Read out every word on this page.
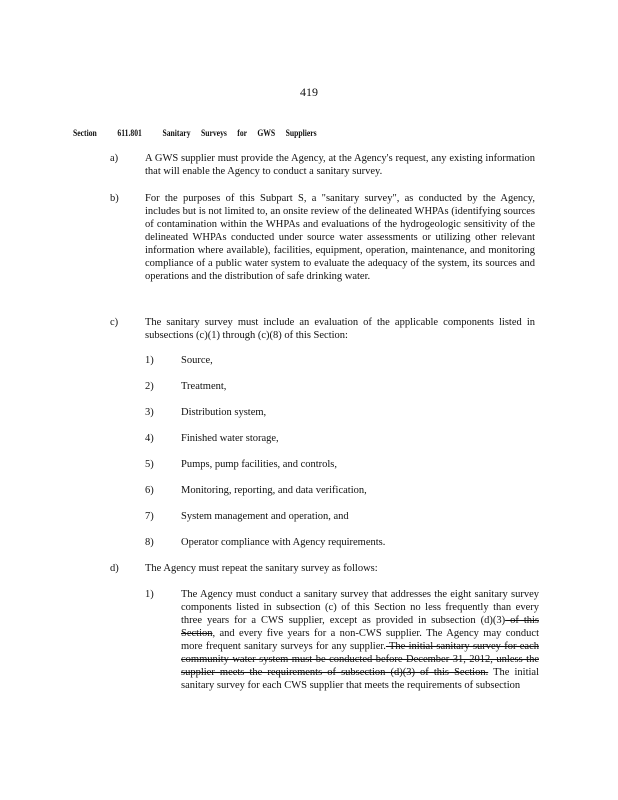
419
Section 611.801 Sanitary Surveys for GWS Suppliers
a)	A GWS supplier must provide the Agency, at the Agency's request, any existing information that will enable the Agency to conduct a sanitary survey.
b)	For the purposes of this Subpart S, a "sanitary survey", as conducted by the Agency, includes but is not limited to, an onsite review of the delineated WHPAs (identifying sources of contamination within the WHPAs and evaluations of the hydrogeologic sensitivity of the delineated WHPAs conducted under source water assessments or utilizing other relevant information where available), facilities, equipment, operation, maintenance, and monitoring compliance of a public water system to evaluate the adequacy of the system, its sources and operations and the distribution of safe drinking water.
c)	The sanitary survey must include an evaluation of the applicable components listed in subsections (c)(1) through (c)(8) of this Section:
1)	Source,
2)	Treatment,
3)	Distribution system,
4)	Finished water storage,
5)	Pumps, pump facilities, and controls,
6)	Monitoring, reporting, and data verification,
7)	System management and operation, and
8)	Operator compliance with Agency requirements.
d)	The Agency must repeat the sanitary survey as follows:
1)	The Agency must conduct a sanitary survey that addresses the eight sanitary survey components listed in subsection (c) of this Section no less frequently than every three years for a CWS supplier, except as provided in subsection (d)(3) of this Section, and every five years for a non-CWS supplier. The Agency may conduct more frequent sanitary surveys for any supplier. The initial sanitary survey for each community water system must be conducted before December 31, 2012, unless the supplier meets the requirements of subsection (d)(3) of this Section. The initial sanitary survey for each CWS supplier that meets the requirements of subsection
